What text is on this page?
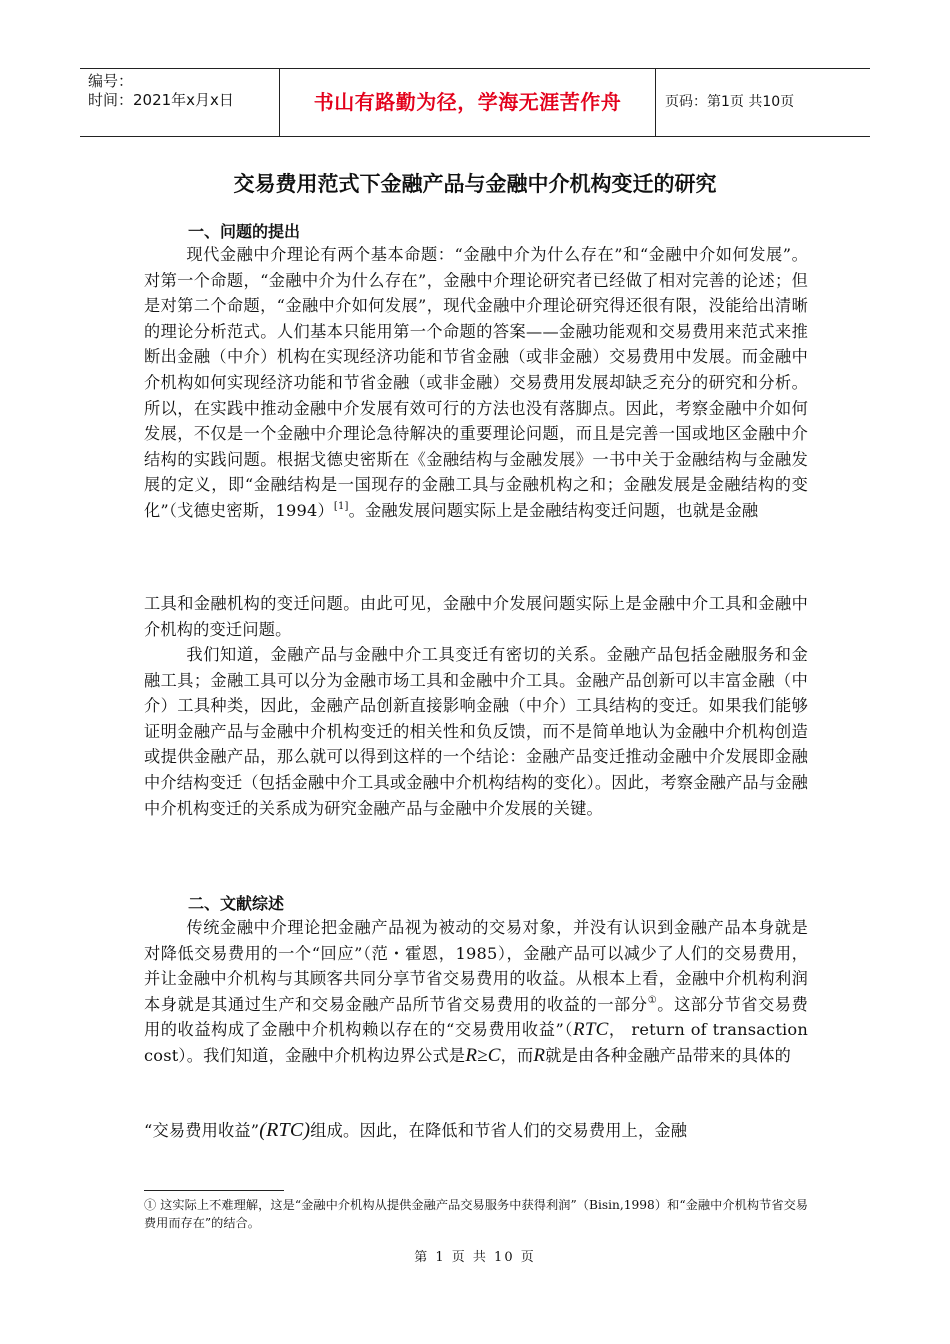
编号：
时间：2021年x月x日	书山有路勤为径，学海无涯苦作舟	页码：第1页 共10页
交易费用范式下金融产品与金融中介机构变迁的研究
一、问题的提出
现代金融中介理论有两个基本命题：“金融中介为什么存在”和“金融中介如何发展”。对第一个命题，“金融中介为什么存在”，金融中介理论研究者已经做了相对完善的论述；但是对第二个命题，“金融中介如何发展”，现代金融中介理论研究得还很有限，没能给出清晰的理论分析范式。人们基本只能用第一个命题的答案——金融功能观和交易费用来范式来推断出金融（中介）机构在实现经济功能和节省金融（或非金融）交易费用中发展。而金融中介机构如何实现经济功能和节省金融（或非金融）交易费用发展却缺乏充分的研究和分析。所以，在实践中推动金融中介发展有效可行的方法也没有落脚点。因此，考察金融中介如何发展，不仅是一个金融中介理论急待解决的重要理论问题，而且是完善一国或地区金融中介结构的实践问题。根据戈德史密斯在《金融结构与金融发展》一书中关于金融结构与金融发展的定义，即“金融结构是一国现存的金融工具与金融机构之和；金融发展是金融结构的变化”（戈德史密斯，1994）[1]。金融发展问题实际上是金融结构变迁问题，也就是金融
工具和金融机构的变迁问题。由此可见，金融中介发展问题实际上是金融中介工具和金融中介机构的变迁问题。
我们知道，金融产品与金融中介工具变迁有密切的关系。金融产品包括金融服务和金融工具；金融工具可以分为金融市场工具和金融中介工具。金融产品创新可以丰富金融（中介）工具种类，因此，金融产品创新直接影响金融（中介）工具结构的变迁。如果我们能够证明金融产品与金融中介机构变迁的相关性和负反馈，而不是简单地认为金融中介机构创造或提供金融产品，那么就可以得到这样的一个结论：金融产品变迁推动金融中介发展即金融中介结构变迁（包括金融中介工具或金融中介机构结构的变化）。因此，考察金融产品与金融中介机构变迁的关系成为研究金融产品与金融中介发展的关键。
二、文献综述
传统金融中介理论把金融产品视为被动的交易对象，并没有认识到金融产品本身就是对降低交易费用的一个“回应”（范・霍恩，1985），金融产品可以减少了人们的交易费用，并让金融中介机构与其顾客共同分享节省交易费用的收益。从根本上看，金融中介机构利润本身就是其通过生产和交易金融产品所节省交易费用的收益的一部分①。这部分节省交易费用的收益构成了金融中介机构赖以存在的“交易费用收益”（RTC， return of transaction cost）。我们知道，金融中介机构边界公式是R≥C，而R就是由各种金融产品带来的具体的
“交易费用收益”(RTC)组成。因此，在降低和节省人们的交易费用上，金融
① 这实际上不难理解，这是“金融中介机构从提供金融产品交易服务中获得利润”（Bisin,1998）和“金融中介机构节省交易费用而存在”的结合。
第 1 页 共 10 页
